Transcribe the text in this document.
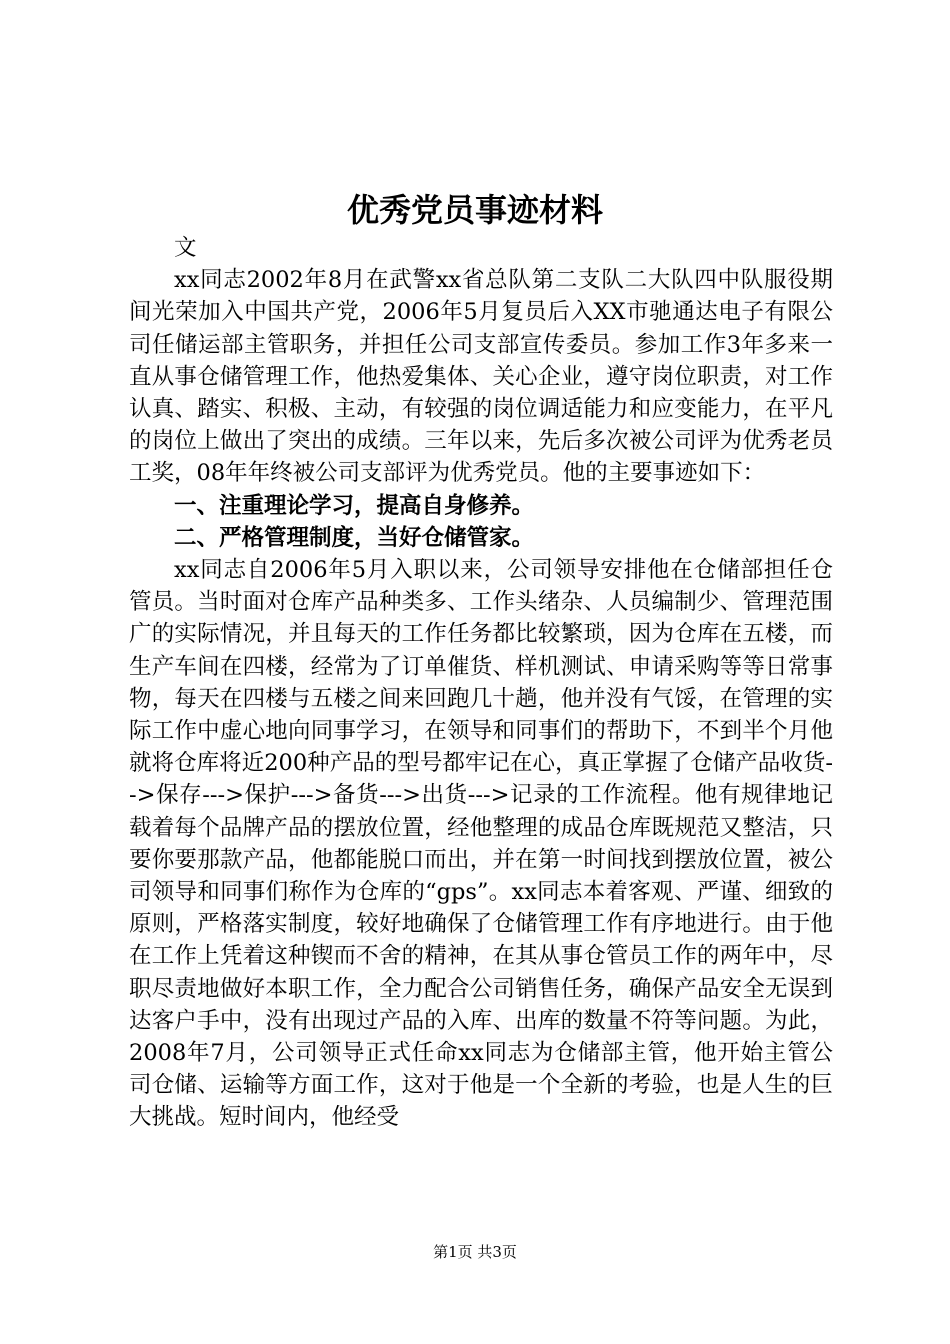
优秀党员事迹材料

文

xx同志2002年8月在武警xx省总队第二支队二大队四中队服役期间光荣加入中国共产党，2006年5月复员后入XX市驰通达电子有限公司任储运部主管职务，并担任公司支部宣传委员。参加工作3年多来一直从事仓储管理工作，他热爱集体、关心企业，遵守岗位职责，对工作认真、踏实、积极、主动，有较强的岗位调适能力和应变能力，在平凡的岗位上做出了突出的成绩。三年以来，先后多次被公司评为优秀老员工奖，08年年终被公司支部评为优秀党员。他的主要事迹如下：

一、注重理论学习，提高自身修养。

二、严格管理制度，当好仓储管家。

xx同志自2006年5月入职以来，公司领导安排他在仓储部担任仓管员。当时面对仓库产品种类多、工作头绪杂、人员编制少、管理范围广的实际情况，并且每天的工作任务都比较繁琐，因为仓库在五楼，而生产车间在四楼，经常为了订单催货、样机测试、申请采购等等日常事物，每天在四楼与五楼之间来回跑几十趟，他并没有气馁，在管理的实际工作中虚心地向同事学习，在领导和同事们的帮助下，不到半个月他就将仓库将近200种产品的型号都牢记在心，真正掌握了仓储产品收货-->保存--->保护--->备货--->出货--->记录的工作流程。他有规律地记载着每个品牌产品的摆放位置，经他整理的成品仓库既规范又整洁，只要你要那款产品，他都能脱口而出，并在第一时间找到摆放位置，被公司领导和同事们称作为仓库的“gps”。xx同志本着客观、严谨、细致的原则，严格落实制度，较好地确保了仓储管理工作有序地进行。由于他在工作上凭着这种锲而不舍的精神，在其从事仓管员工作的两年中，尽职尽责地做好本职工作，全力配合公司销售任务，确保产品安全无误到达客户手中，没有出现过产品的入库、出库的数量不符等问题。为此，2008年7月，公司领导正式任命xx同志为仓储部主管，他开始主管公司仓储、运输等方面工作，这对于他是一个全新的考验，也是人生的巨大挑战。短时间内，他经受

第1页 共3页
